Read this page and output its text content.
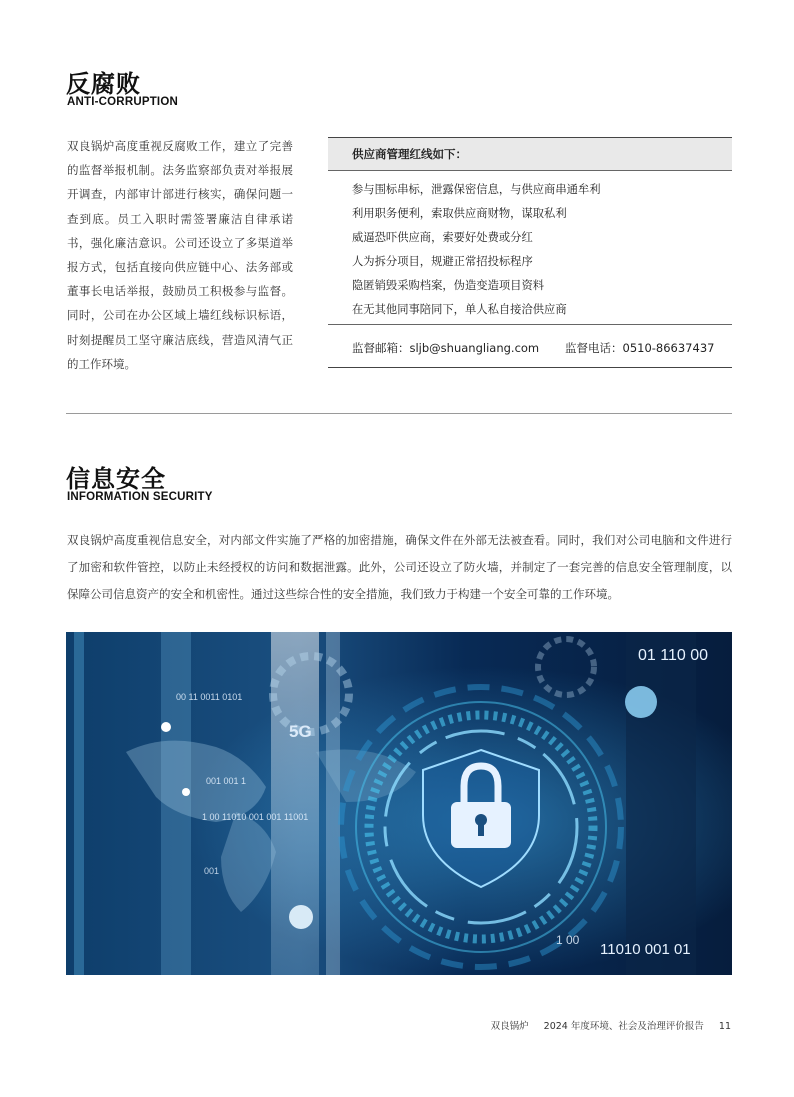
反腐败
ANTI-CORRUPTION
双良锅炉高度重视反腐败工作，建立了完善的监督举报机制。法务监察部负责对举报展开调查，内部审计部进行核实，确保问题一查到底。员工入职时需签署廉洁自律承诺书，强化廉洁意识。公司还设立了多渠道举报方式，包括直接向供应链中心、法务部或董事长电话举报，鼓励员工积极参与监督。同时，公司在办公区域上墙红线标识标语，时刻提醒员工坚守廉洁底线，营造风清气正的工作环境。
供应商管理红线如下：
参与围标串标，泄露保密信息，与供应商串通牟利
利用职务便利，索取供应商财物，谋取私利
威逼恐吓供应商，索要好处费或分红
人为拆分项目，规避正常招投标程序
隐匿销毁采购档案，伪造变造项目资料
在无其他同事陪同下，单人私自接洽供应商
监督邮箱：sljb@shuangliang.com 监督电话：0510-86637437
信息安全
INFORMATION SECURITY
双良锅炉高度重视信息安全，对内部文件实施了严格的加密措施，确保文件在外部无法被查看。同时，我们对公司电脑和文件进行了加密和软件管控，以防止未经授权的访问和数据泄露。此外，公司还设立了防火墙，并制定了一套完善的信息安全管理制度，以保障公司信息资产的安全和机密性。通过这些综合性的安全措施，我们致力于构建一个安全可靠的工作环境。
01 110 00
00 11 0011 0101
001 001 1
1 00 11010 001 001 11001
001
11010 001 01
1 00
5G
双良锅炉 2024 年度环境、社会及治理评价报告 11
